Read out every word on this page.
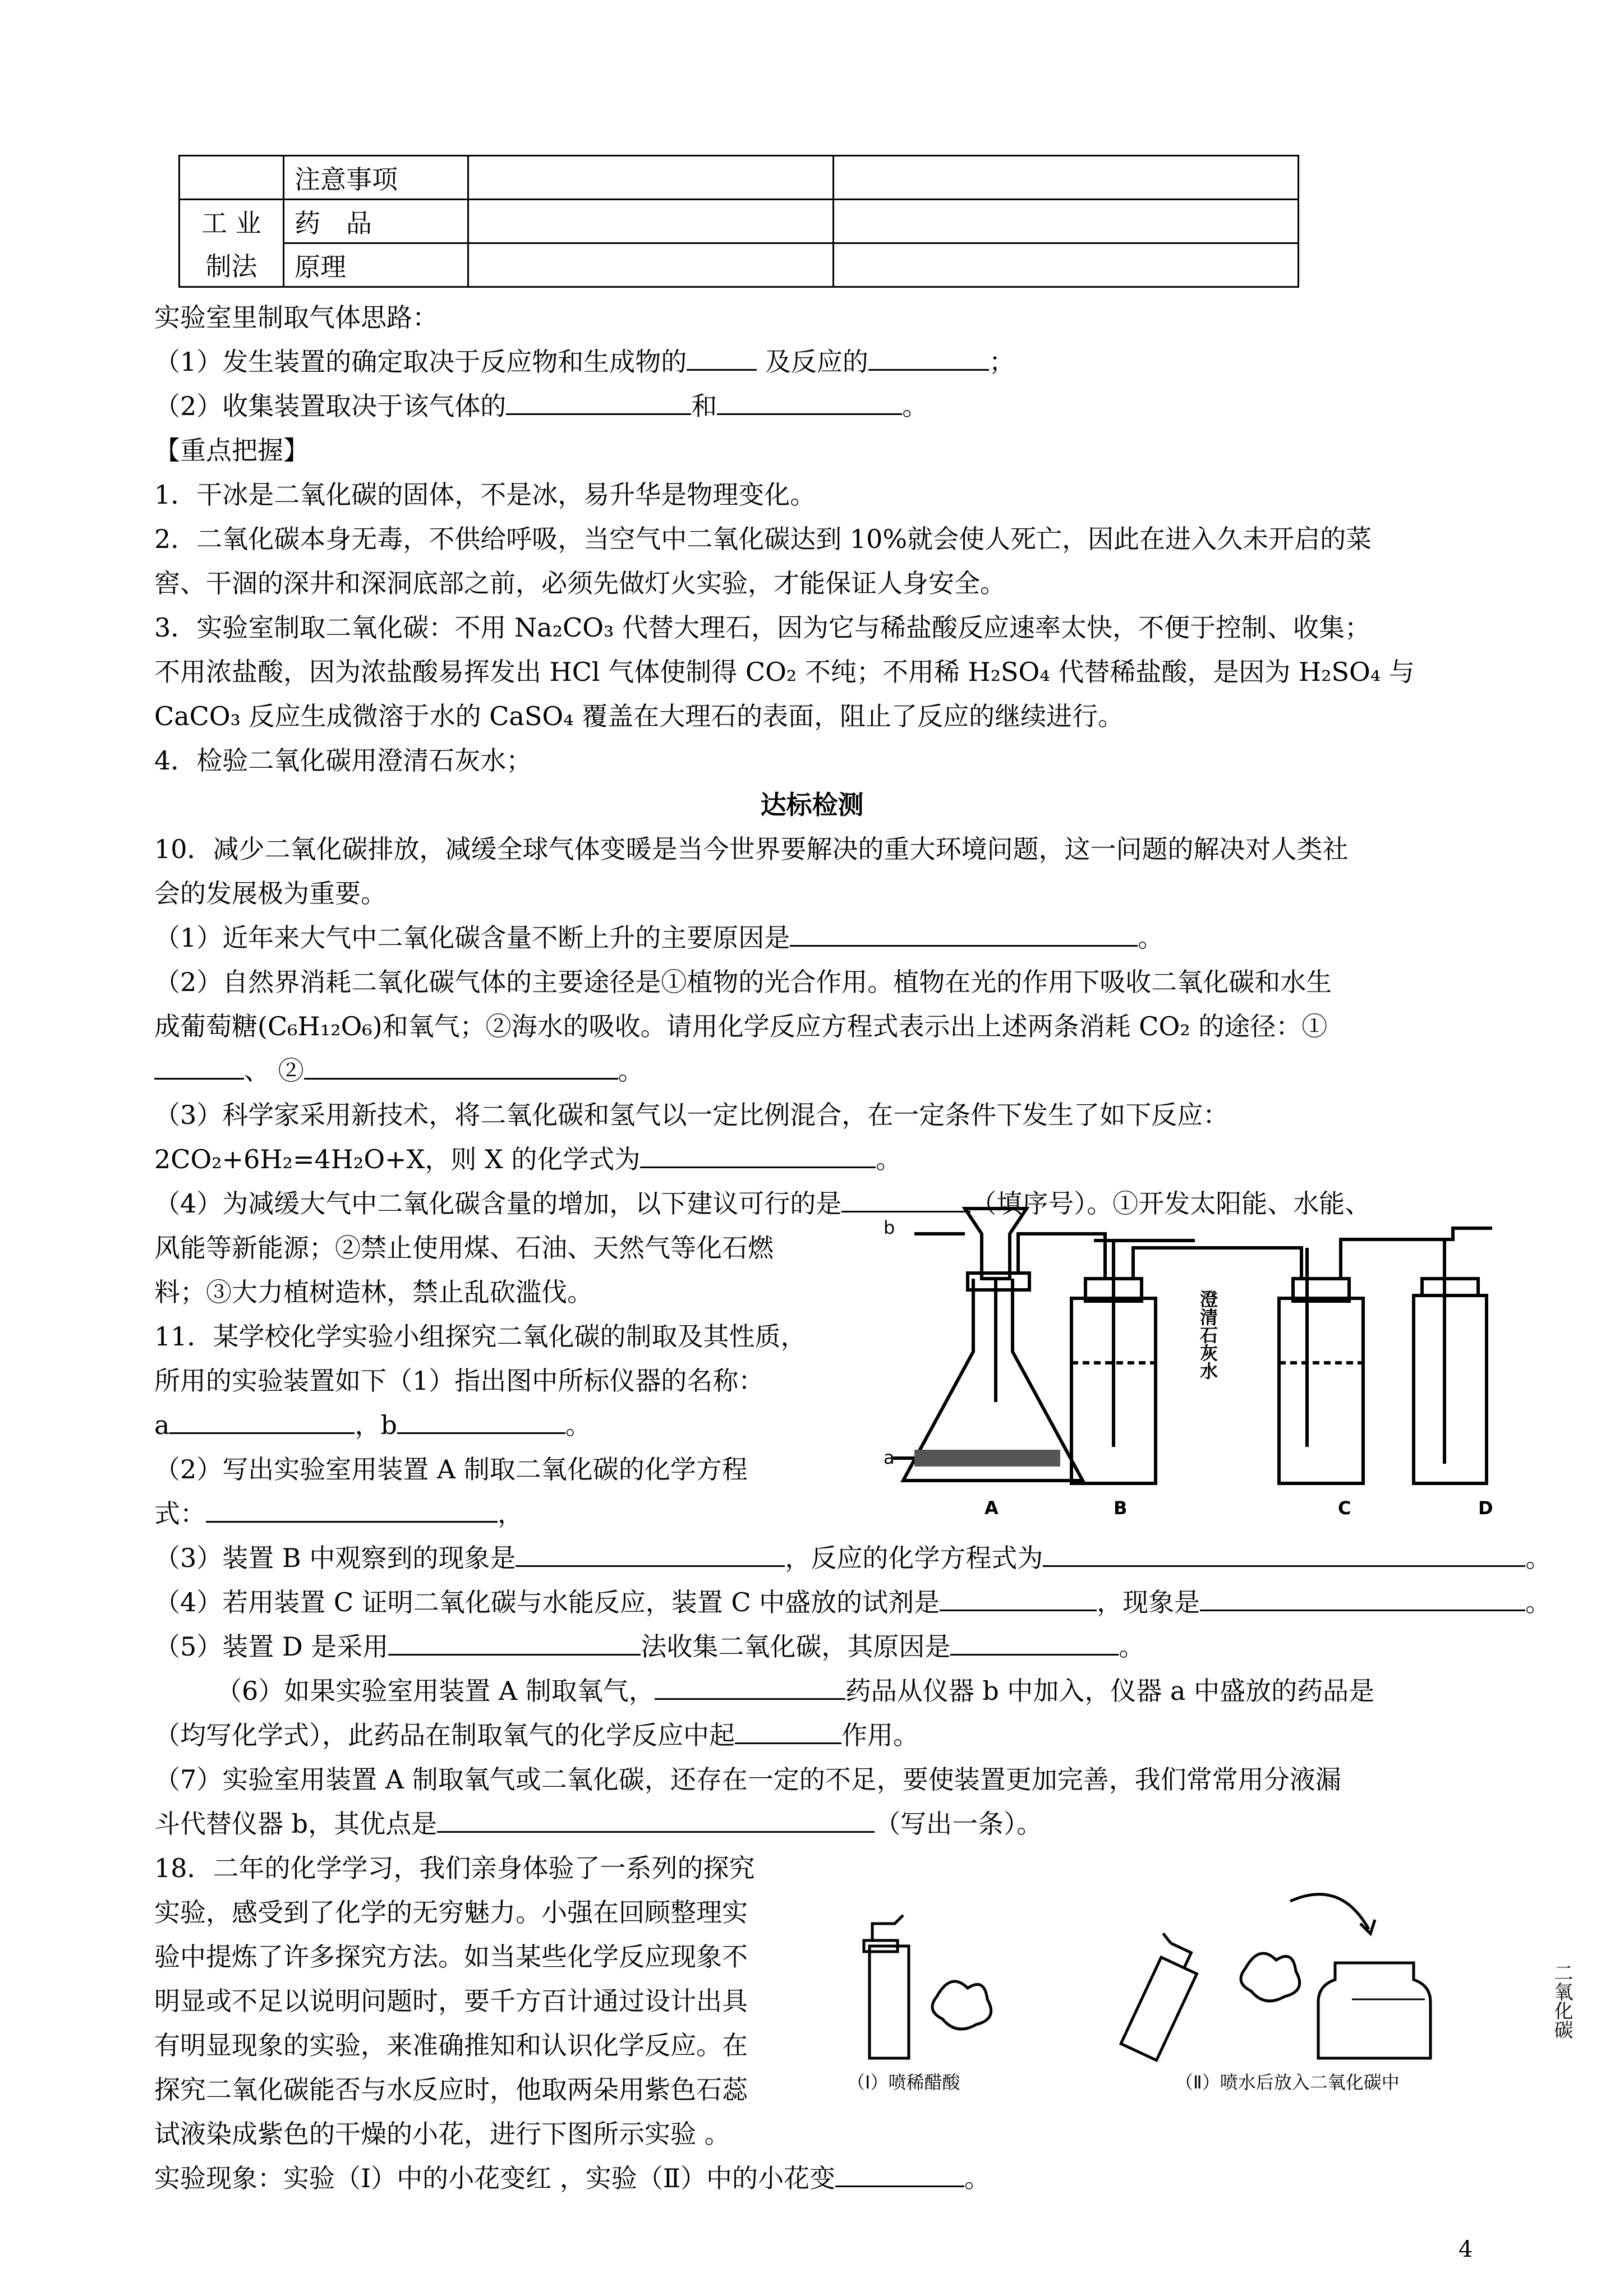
	注意事项		
工 业	药　品		
制法	原理		
实验室里制取气体思路：
（1）发生装置的确定取决于反应物和生成物的	及反应的	；
（2）收集装置取决于该气体的	和	。
【重点把握】
1．干冰是二氧化碳的固体，不是冰，易升华是物理变化。
2．二氧化碳本身无毒，不供给呼吸，当空气中二氧化碳达到 10%就会使人死亡，因此在进入久未开启的菜
窖、干涸的深井和深洞底部之前，必须先做灯火实验，才能保证人身安全。
3．实验室制取二氧化碳：不用 Na₂CO₃ 代替大理石，因为它与稀盐酸反应速率太快，不便于控制、收集；
不用浓盐酸，因为浓盐酸易挥发出 HCl 气体使制得 CO₂ 不纯；不用稀 H₂SO₄ 代替稀盐酸，是因为 H₂SO₄ 与
CaCO₃ 反应生成微溶于水的 CaSO₄ 覆盖在大理石的表面，阻止了反应的继续进行。
4．检验二氧化碳用澄清石灰水；
达标检测
10．减少二氧化碳排放，减缓全球气体变暖是当今世界要解决的重大环境问题，这一问题的解决对人类社
会的发展极为重要。
（1）近年来大气中二氧化碳含量不断上升的主要原因是	。
（2）自然界消耗二氧化碳气体的主要途径是①植物的光合作用。植物在光的作用下吸收二氧化碳和水生
成葡萄糖(C₆H₁₂O₆)和氧气；②海水的吸收。请用化学反应方程式表示出上述两条消耗 CO₂ 的途径：①
、 ②	。
（3）科学家采用新技术，将二氧化碳和氢气以一定比例混合，在一定条件下发生了如下反应：
2CO₂+6H₂=4H₂O+X，则 X 的化学式为	。
（4）为减缓大气中二氧化碳含量的增加，以下建议可行的是	（填序号）。①开发太阳能、水能、
风能等新能源；②禁止使用煤、石油、天然气等化石燃
料；③大力植树造林，禁止乱砍滥伐。
11．某学校化学实验小组探究二氧化碳的制取及其性质，
所用的实验装置如下（1）指出图中所标仪器的名称：
a	，b	。
（2）写出实验室用装置 A 制取二氧化碳的化学方程
式：	，
b
a
A	B	C	D
澄清石灰水
（3）装置 B 中观察到的现象是	，反应的化学方程式为	。
（4）若用装置 C 证明二氧化碳与水能反应，装置 C 中盛放的试剂是	，现象是	。
（5）装置 D 是采用	法收集二氧化碳，其原因是	。
（6）如果实验室用装置 A 制取氧气，	药品从仪器 b 中加入，仪器 a 中盛放的药品是
（均写化学式），此药品在制取氧气的化学反应中起	作用。
（7）实验室用装置 A 制取氧气或二氧化碳，还存在一定的不足，要使装置更加完善，我们常常用分液漏
斗代替仪器 b，其优点是	（写出一条）。
18．二年的化学学习，我们亲身体验了一系列的探究
实验，感受到了化学的无穷魅力。小强在回顾整理实
验中提炼了许多探究方法。如当某些化学反应现象不
明显或不足以说明问题时，要千方百计通过设计出具
有明显现象的实验，来准确推知和认识化学反应。在
探究二氧化碳能否与水反应时，他取两朵用紫色石蕊
试液染成紫色的干燥的小花，进行下图所示实验 。
实验现象：实验（I）中的小花变红 ，实验（Ⅱ）中的小花变	。
二氧化碳
（Ⅰ）喷稀醋酸	（Ⅱ）喷水后放入二氧化碳中
4
